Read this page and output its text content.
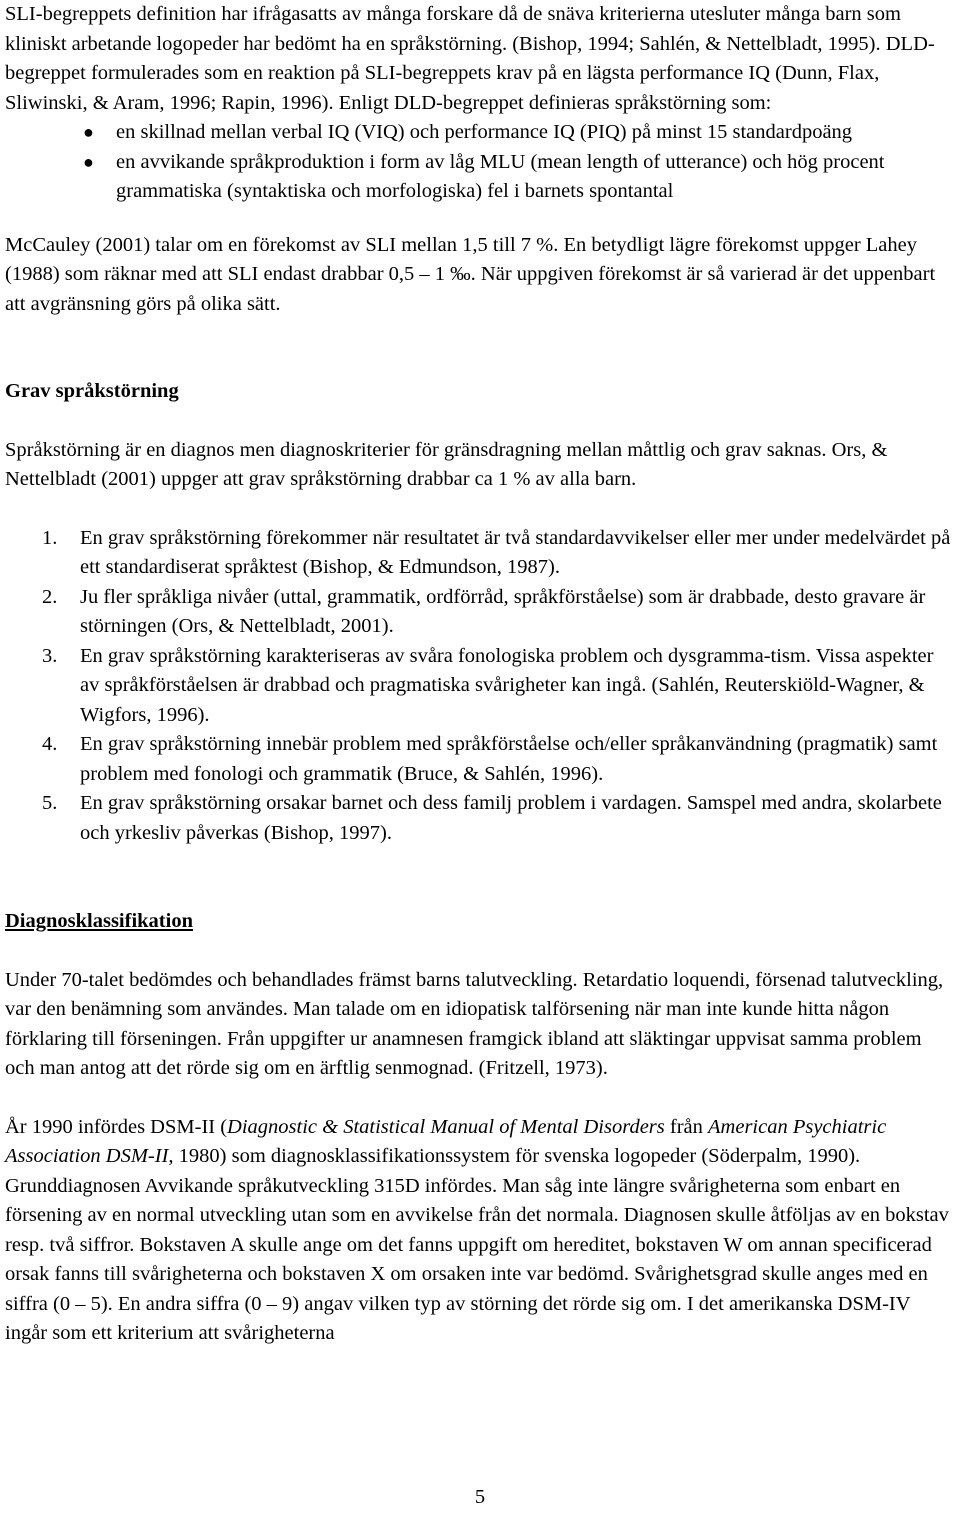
SLI-begreppets definition har ifrågasatts av många forskare då de snäva kriterierna utesluter många barn som kliniskt arbetande logopeder har bedömt ha en språkstörning. (Bishop, 1994; Sahlén, & Nettelbladt, 1995). DLD-begreppet formulerades som en reaktion på SLI-begreppets krav på en lägsta performance IQ (Dunn, Flax, Sliwinski, & Aram, 1996; Rapin, 1996). Enligt DLD-begreppet definieras språkstörning som:

● en skillnad mellan verbal IQ (VIQ) och performance IQ (PIQ) på minst 15 standardpoäng
● en avvikande språkproduktion i form av låg MLU (mean length of utterance) och hög procent grammatiska (syntaktiska och morfologiska) fel i barnets spontantal

McCauley (2001) talar om en förekomst av SLI mellan 1,5 till 7 %. En betydligt lägre förekomst uppger Lahey (1988) som räknar med att SLI endast drabbar 0,5 – 1 ‰. När uppgiven förekomst är så varierad är det uppenbart att avgränsning görs på olika sätt.

Grav språkstörning

Språkstörning är en diagnos men diagnoskriterier för gränsdragning mellan måttlig och grav saknas. Ors, & Nettelbladt (2001) uppger att grav språkstörning drabbar ca 1 % av alla barn.

1. En grav språkstörning förekommer när resultatet är två standardavvikelser eller mer under medelvärdet på ett standardiserat språktest (Bishop, & Edmundson, 1987).
2. Ju fler språkliga nivåer (uttal, grammatik, ordförråd, språkförståelse) som är drabbade, desto gravare är störningen (Ors, & Nettelbladt, 2001).
3. En grav språkstörning karakteriseras av svåra fonologiska problem och dysgramma-tism. Vissa aspekter av språkförståelsen är drabbad och pragmatiska svårigheter kan ingå. (Sahlén, Reuterskiöld-Wagner, & Wigfors, 1996).
4. En grav språkstörning innebär problem med språkförståelse och/eller språkanvändning (pragmatik) samt problem med fonologi och grammatik (Bruce, & Sahlén, 1996).
5. En grav språkstörning orsakar barnet och dess familj problem i vardagen. Samspel med andra, skolarbete och yrkesliv påverkas (Bishop, 1997).
Diagnosklassifikation

Under 70-talet bedömdes och behandlades främst barns talutveckling. Retardatio loquendi, försenad talutveckling, var den benämning som användes. Man talade om en idiopatisk talförsening när man inte kunde hitta någon förklaring till förseningen. Från uppgifter ur anamnesen framgick ibland att släktingar uppvisat samma problem och man antog att det rörde sig om en ärftlig senmognad. (Fritzell, 1973).

År 1990 infördes DSM-II (Diagnostic & Statistical Manual of Mental Disorders från American Psychiatric Association DSM-II, 1980) som diagnosklassifikationssystem för svenska logopeder (Söderpalm, 1990). Grunddiagnosen Avvikande språkutveckling 315D infördes. Man såg inte längre svårigheterna som enbart en försening av en normal utveckling utan som en avvikelse från det normala. Diagnosen skulle åtföljas av en bokstav resp. två siffror. Bokstaven A skulle ange om det fanns uppgift om hereditet, bokstaven W om annan specificerad orsak fanns till svårigheterna och bokstaven X om orsaken inte var bedömd. Svårighetsgrad skulle anges med en siffra (0 – 5). En andra siffra (0 – 9) angav vilken typ av störning det rörde sig om. I det amerikanska DSM-IV ingår som ett kriterium att svårigheterna

5
